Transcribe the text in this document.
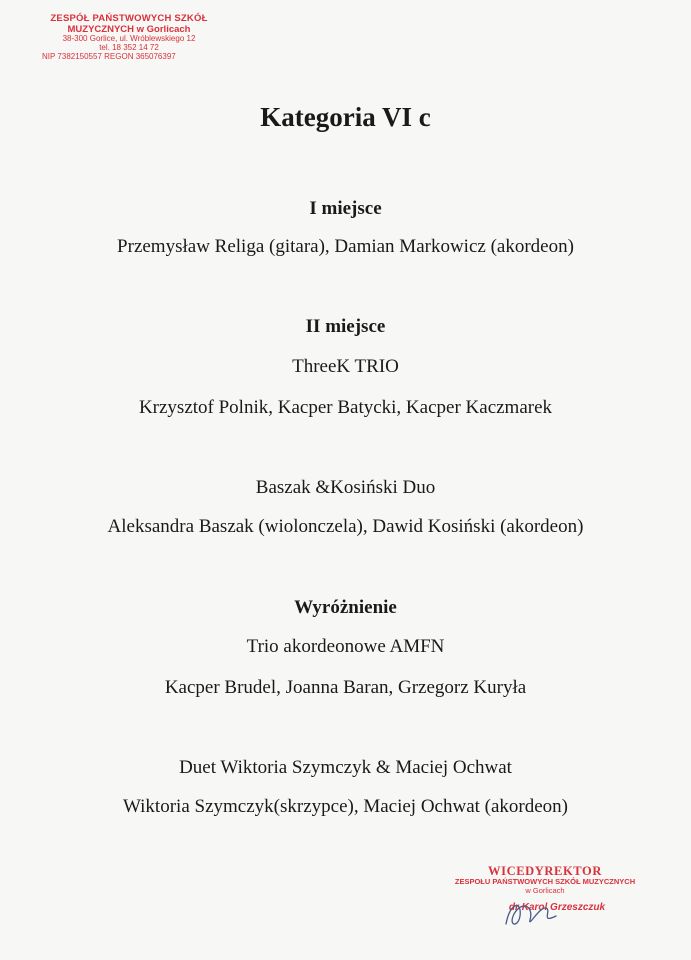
ZESPÓŁ PAŃSTWOWYCH SZKÓŁ
MUZYCZNYCH w Gorlicach
38-300 Gorlice, ul. Wróblewskiego 12
tel. 18 352 14 72
NIP 7382150557 REGON 365076397
Kategoria VI c
I miejsce
Przemysław Religa (gitara), Damian Markowicz (akordeon)
II miejsce
ThreeK TRIO
Krzysztof Polnik, Kacper Batycki, Kacper Kaczmarek
Baszak &Kosiński Duo
Aleksandra Baszak (wiolonczela), Dawid Kosiński (akordeon)
Wyróżnienie
Trio akordeonowe AMFN
Kacper Brudel, Joanna Baran, Grzegorz Kuryła
Duet Wiktoria Szymczyk & Maciej Ochwat
Wiktoria Szymczyk(skrzypce), Maciej Ochwat (akordeon)
WICEDYREKTOR
ZESPOŁU PAŃSTWOWYCH SZKÓŁ MUZYCZNYCH
w Gorlicach
dr Karol Grzeszczuk
